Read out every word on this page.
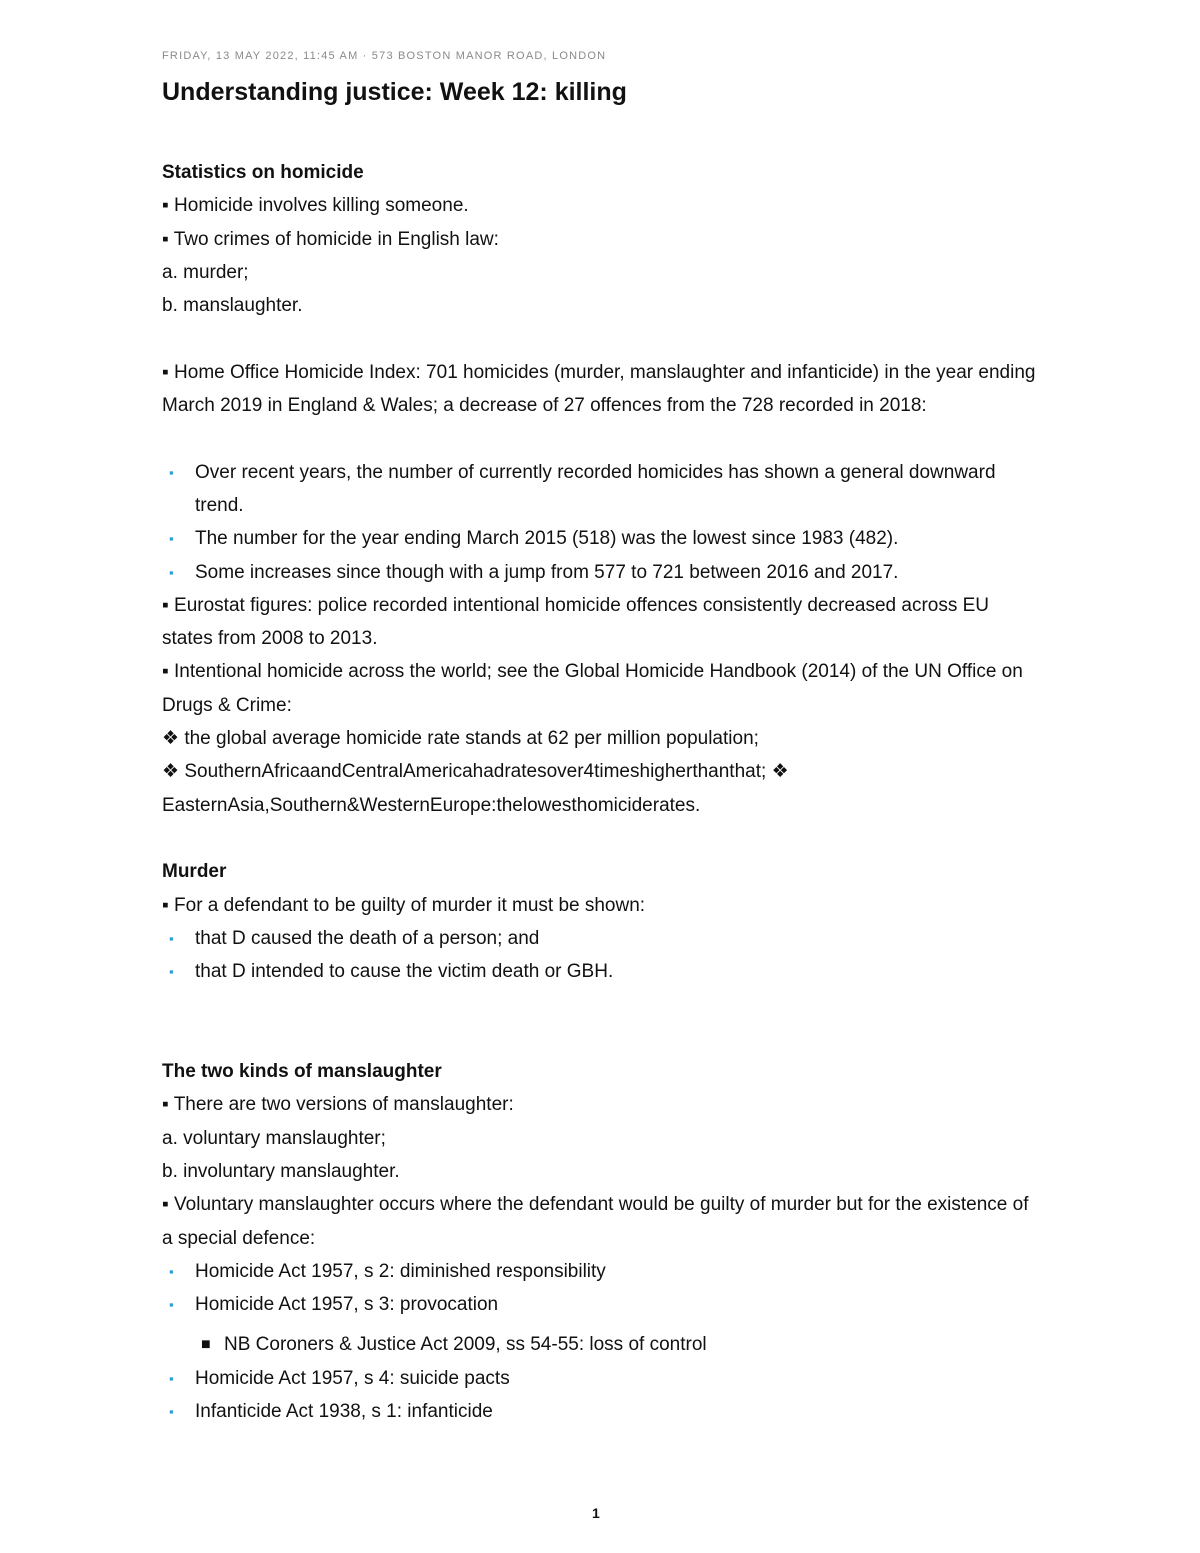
FRIDAY, 13 MAY 2022, 11:45 AM · 573 BOSTON MANOR ROAD, LONDON
Understanding justice: Week 12: killing

Statistics on homicide

▪ Homicide involves killing someone.

▪ Two crimes of homicide in English law:

a. murder;

b. manslaughter.

▪ Home Office Homicide Index: 701 homicides (murder, manslaughter and infanticide) in the year ending March 2019 in England & Wales; a decrease of 27 offences from the 728 recorded in 2018:

▪ Over recent years, the number of currently recorded homicides has shown a general downward trend.

▪ The number for the year ending March 2015 (518) was the lowest since 1983 (482).

▪ Some increases since though with a jump from 577 to 721 between 2016 and 2017.

▪ Eurostat figures: police recorded intentional homicide offences consistently decreased across EU states from 2008 to 2013.

▪ Intentional homicide across the world; see the Global Homicide Handbook (2014) of the UN Office on Drugs & Crime:

❖ the global average homicide rate stands at 62 per million population;

❖ SouthernAfricaandCentralAmericahadratesover4timeshigherthanthat; ❖

EasternAsia,Southern&WesternEurope:thelowesthomiciderates.

Murder

▪ For a defendant to be guilty of murder it must be shown:

▪ that D caused the death of a person; and

▪ that D intended to cause the victim death or GBH.

The two kinds of manslaughter

▪ There are two versions of manslaughter:

a. voluntary manslaughter;

b. involuntary manslaughter.

▪ Voluntary manslaughter occurs where the defendant would be guilty of murder but for the existence of a special defence:

▪ Homicide Act 1957, s 2: diminished responsibility

▪ Homicide Act 1957, s 3: provocation

■ NB Coroners & Justice Act 2009, ss 54-55: loss of control

▪ Homicide Act 1957, s 4: suicide pacts

▪ Infanticide Act 1938, s 1: infanticide

1
